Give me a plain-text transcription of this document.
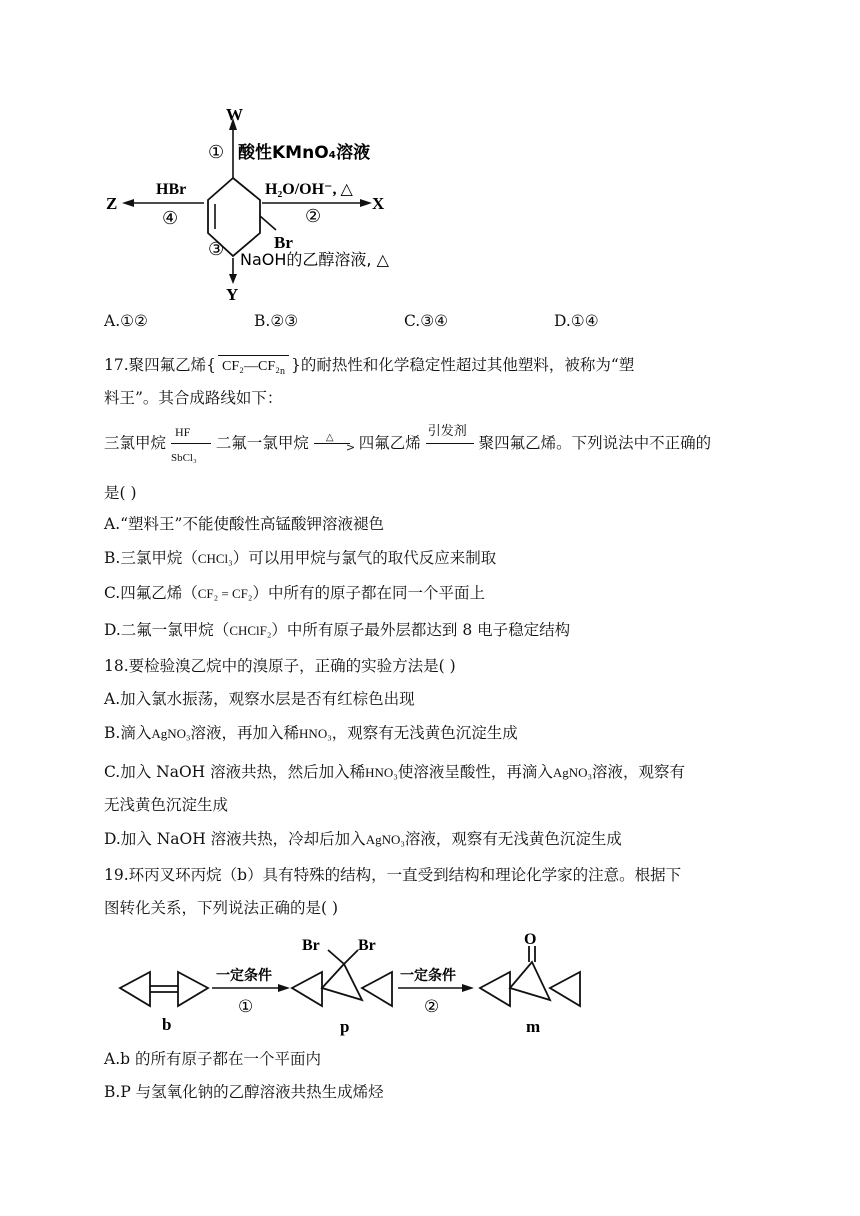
W
① 酸性KMnO₄溶液
Br
H₂O/OH⁻, △
②
X
Z
HBr
④
③ NaOH的乙醇溶液, △
Y
A.①②	B.②③	C.③④	D.①④
17.聚四氟乙烯{ $CF_2—CF_2_n$ }的耐热性和化学稳定性超过其他塑料，被称为“塑
料王”。其合成路线如下：
三氯甲烷
HF
SbCl₃
二氟一氯甲烷 △
> 四氟乙烯
引发剂
聚四氟乙烯。下列说法中不正确的
是( )
A.“塑料王”不能使酸性高锰酸钾溶液褪色
B.三氯甲烷（CHCl₃）可以用甲烷与氯气的取代反应来制取
C.四氟乙烯（CF₂ = CF₂）中所有的原子都在同一个平面上
D.二氟一氯甲烷（CHClF₂）中所有原子最外层都达到 8 电子稳定结构
18.要检验溴乙烷中的溴原子，正确的实验方法是( )
A.加入氯水振荡，观察水层是否有红棕色出现
B.滴入AgNO₃溶液，再加入稀HNO₃，观察有无浅黄色沉淀生成
C.加入 NaOH 溶液共热，然后加入稀HNO₃使溶液呈酸性，再滴入AgNO₃溶液，观察有
无浅黄色沉淀生成
D.加入 NaOH 溶液共热，冷却后加入AgNO₃溶液，观察有无浅黄色沉淀生成
19.环丙叉环丙烷（b）具有特殊的结构，一直受到结构和理论化学家的注意。根据下
图转化关系，下列说法正确的是( )
b
一定条件
①
Br Br
p
一定条件
②
O
m
A.b 的所有原子都在一个平面内
B.P 与氢氧化钠的乙醇溶液共热生成烯烃
